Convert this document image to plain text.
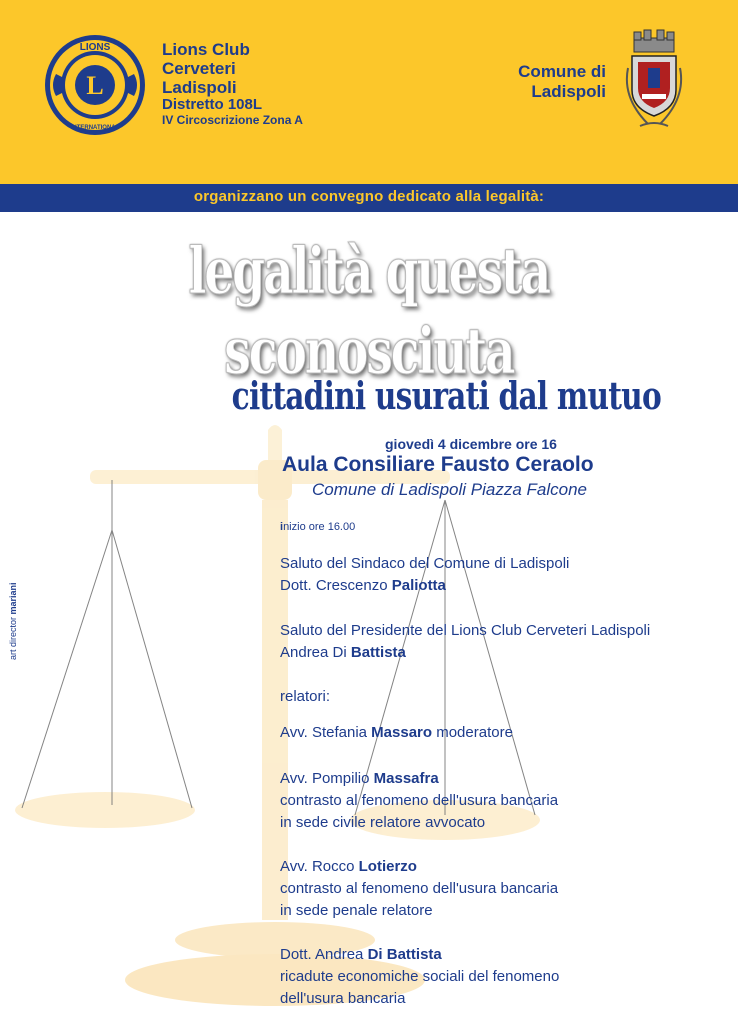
L
LIONS
INTERNATIONAL
Lions Club
Cerveteri
Ladispoli
Distretto 108L
IV Circoscrizione Zona A
Comune di
Ladispoli
organizzano un convegno dedicato alla legalità:
legalità questa sconosciuta
cittadini usurati dal mutuo
giovedì 4 dicembre ore 16
Aula Consiliare Fausto Ceraolo
Comune di Ladispoli Piazza Falcone
inizio ore 16.00
Saluto del Sindaco del Comune di Ladispoli
Dott. Crescenzo Paliotta
Saluto del Presidente del Lions Club Cerveteri Ladispoli
Andrea Di Battista
relatori:
Avv. Stefania Massaro moderatore
Avv. Pompilio Massafra
contrasto al fenomeno dell'usura bancaria
in sede civile relatore avvocato
Avv. Rocco Lotierzo
contrasto al fenomeno dell'usura bancaria
in sede penale relatore
Dott. Andrea Di Battista
ricadute economiche sociali del fenomeno
dell'usura bancaria
art director mariani
